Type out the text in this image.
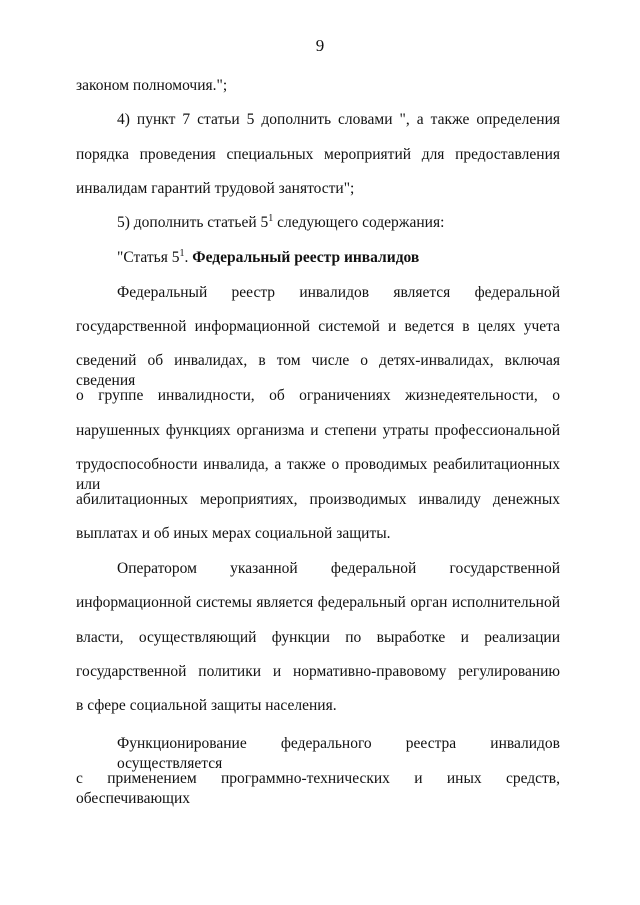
9
законом полномочия.";
4) пункт 7 статьи 5 дополнить словами ", а также определения
порядка проведения специальных мероприятий для предоставления
инвалидам гарантий трудовой занятости";
5) дополнить статьей $5^1$ следующего содержания:
"Статья $5^1$. Федеральный реестр инвалидов
Федеральный реестр инвалидов является федеральной
государственной информационной системой и ведется в целях учета
сведений об инвалидах, в том числе о детях-инвалидах, включая сведения
о группе инвалидности, об ограничениях жизнедеятельности, о
нарушенных функциях организма и степени утраты профессиональной
трудоспособности инвалида, а также о проводимых реабилитационных или
абилитационных мероприятиях, производимых инвалиду денежных
выплатах и об иных мерах социальной защиты.
Оператором указанной федеральной государственной
информационной системы является федеральный орган исполнительной
власти, осуществляющий функции по выработке и реализации
государственной политики и нормативно-правовому регулированию
в сфере социальной защиты населения.
Функционирование федерального реестра инвалидов осуществляется
с применением программно-технических и иных средств, обеспечивающих
